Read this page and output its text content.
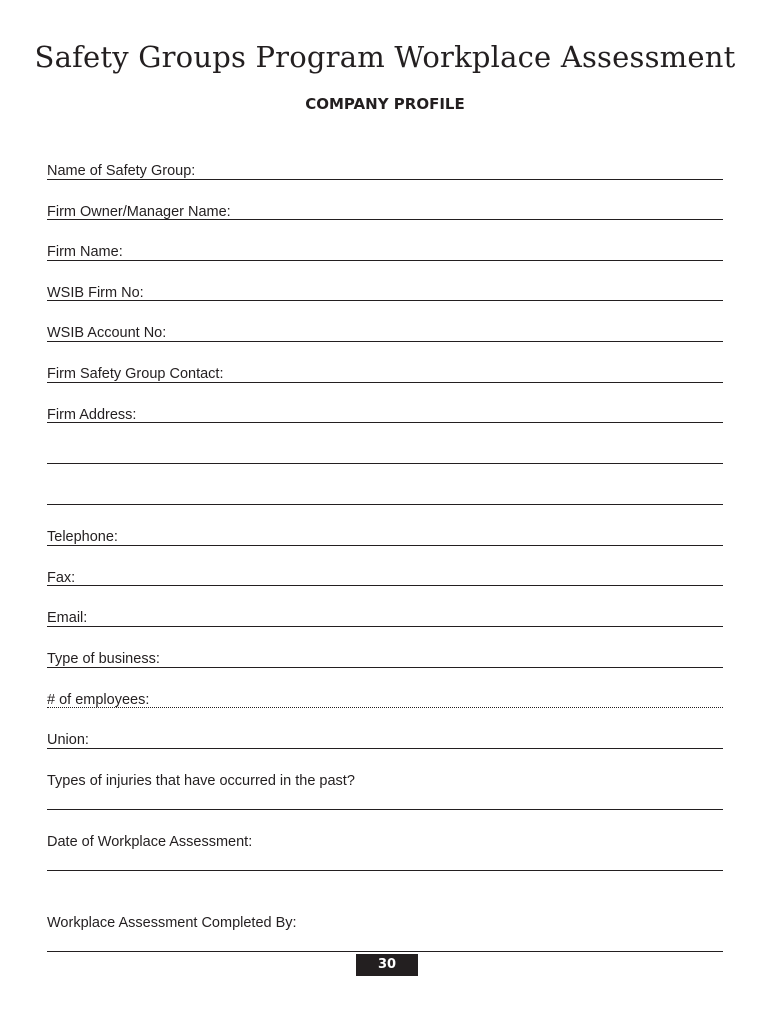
Safety Groups Program Workplace Assessment
COMPANY PROFILE
Name of Safety Group:
Firm Owner/Manager Name:
Firm Name:
WSIB Firm No:
WSIB Account No:
Firm Safety Group Contact:
Firm Address:
Telephone:
Fax:
Email:
Type of business:
# of employees:
Union:
Types of injuries that have occurred in the past?
Date of Workplace Assessment:
Workplace Assessment Completed By:
30
